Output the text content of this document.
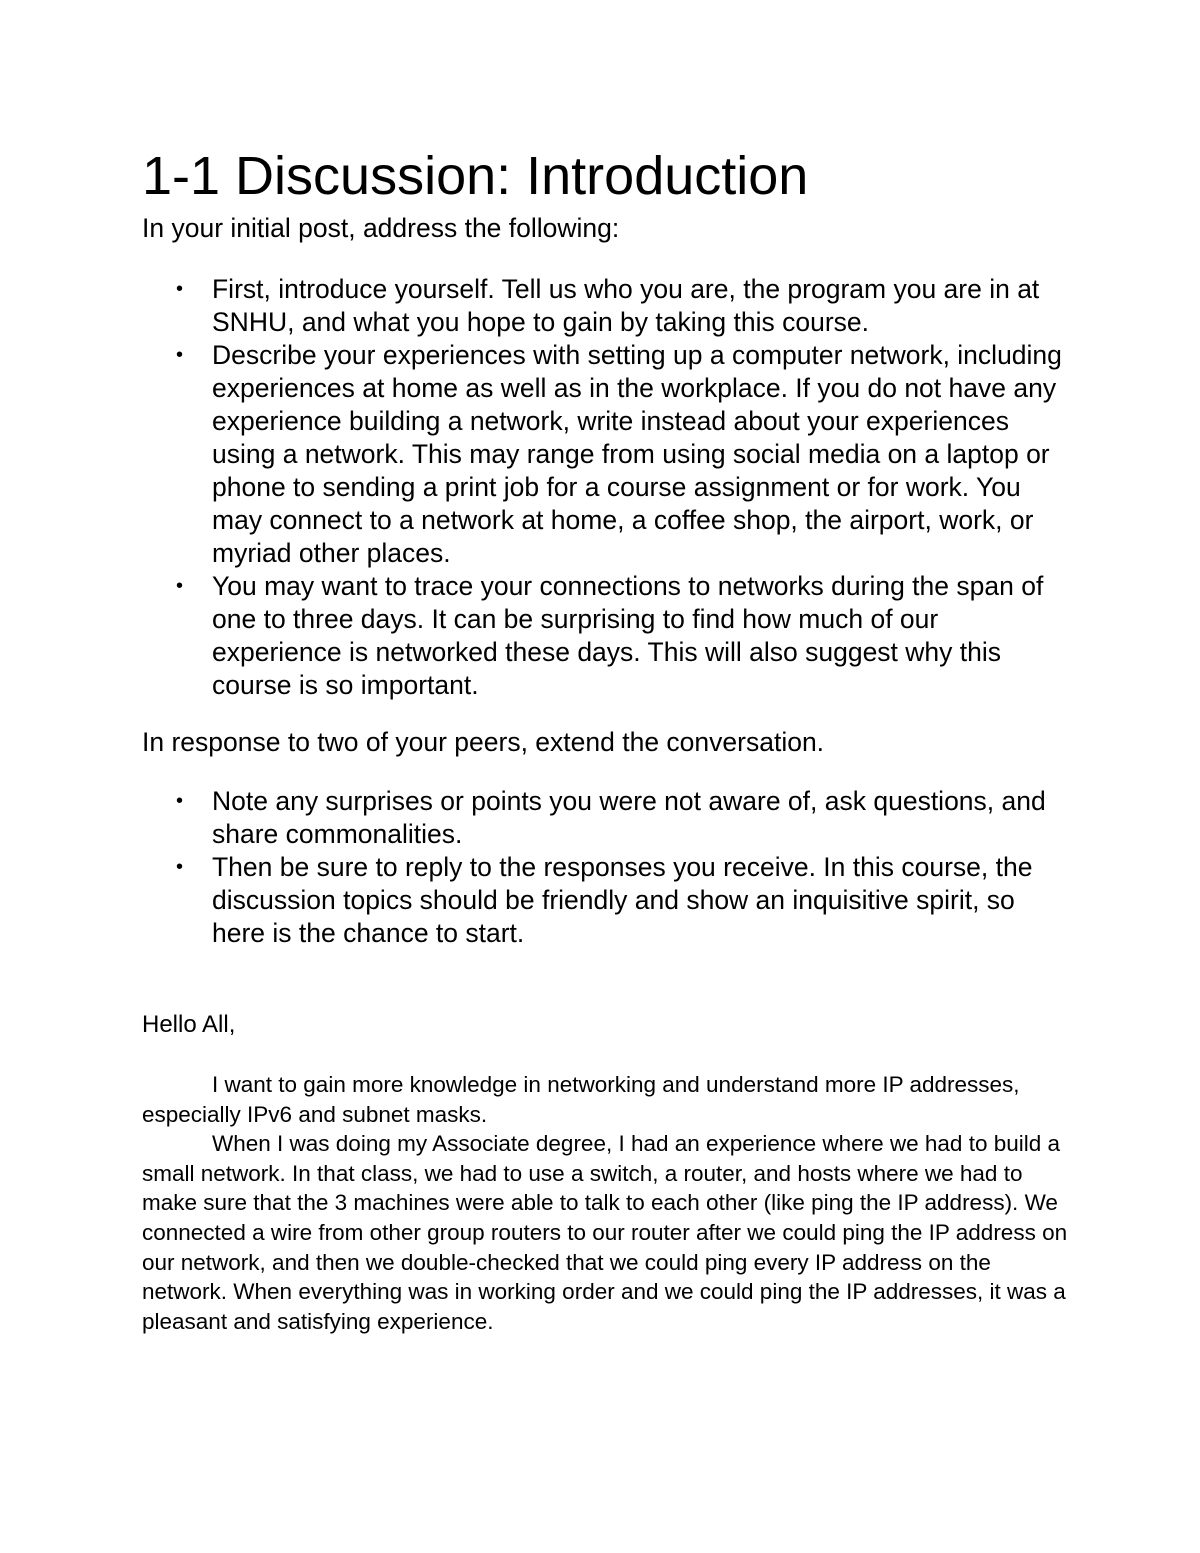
1-1 Discussion: Introduction

In your initial post, address the following:

• First, introduce yourself. Tell us who you are, the program you are in at SNHU, and what you hope to gain by taking this course.
• Describe your experiences with setting up a computer network, including experiences at home as well as in the workplace. If you do not have any experience building a network, write instead about your experiences using a network. This may range from using social media on a laptop or phone to sending a print job for a course assignment or for work. You may connect to a network at home, a coffee shop, the airport, work, or myriad other places.
• You may want to trace your connections to networks during the span of one to three days. It can be surprising to find how much of our experience is networked these days. This will also suggest why this course is so important.

In response to two of your peers, extend the conversation.

• Note any surprises or points you were not aware of, ask questions, and share commonalities.
• Then be sure to reply to the responses you receive. In this course, the discussion topics should be friendly and show an inquisitive spirit, so here is the chance to start.

Hello All,

I want to gain more knowledge in networking and understand more IP addresses, especially IPv6 and subnet masks.

When I was doing my Associate degree, I had an experience where we had to build a small network. In that class, we had to use a switch, a router, and hosts where we had to make sure that the 3 machines were able to talk to each other (like ping the IP address). We connected a wire from other group routers to our router after we could ping the IP address on our network, and then we double-checked that we could ping every IP address on the network. When everything was in working order and we could ping the IP addresses, it was a pleasant and satisfying experience.
